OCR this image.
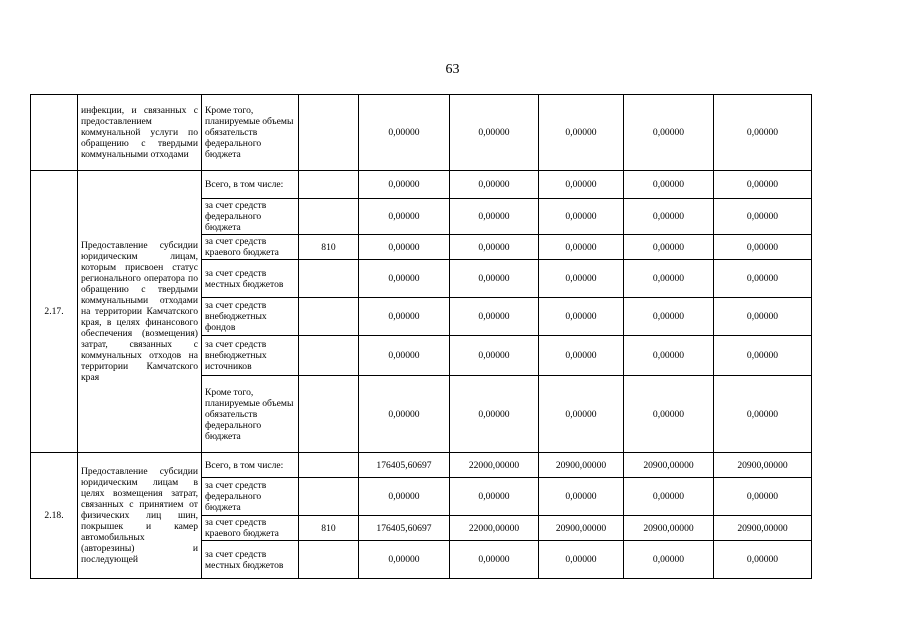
63
	инфекции, и связанных с предоставлением коммунальной услуги по обращению с твердыми коммунальными отходами	Кроме того, планируемые объемы обязательств федерального бюджета		0,00000	0,00000	0,00000	0,00000	0,00000
2.17.	Предоставление субсидии юридическим лицам, которым присвоен статус регионального оператора по обращению с твердыми коммунальными отходами на территории Камчатского края, в целях финансового обеспечения (возмещения) затрат, связанных с коммунальных отходов на территории Камчатского края	Всего, в том числе:		0,00000	0,00000	0,00000	0,00000	0,00000
		за счет средств федерального бюджета		0,00000	0,00000	0,00000	0,00000	0,00000
		за счет средств краевого бюджета	810	0,00000	0,00000	0,00000	0,00000	0,00000
		за счет средств местных бюджетов		0,00000	0,00000	0,00000	0,00000	0,00000
		за счет средств внебюджетных фондов		0,00000	0,00000	0,00000	0,00000	0,00000
		за счет средств внебюджетных источников		0,00000	0,00000	0,00000	0,00000	0,00000
		Кроме того, планируемые объемы обязательств федерального бюджета		0,00000	0,00000	0,00000	0,00000	0,00000
2.18.	Предоставление субсидии юридическим лицам в целях возмещения затрат, связанных с принятием от физических лиц шин, покрышек и камер автомобильных (авторезины) и последующей	Всего, в том числе:		176405,60697	22000,00000	20900,00000	20900,00000	20900,00000
		за счет средств федерального бюджета		0,00000	0,00000	0,00000	0,00000	0,00000
		за счет средств краевого бюджета	810	176405,60697	22000,00000	20900,00000	20900,00000	20900,00000
		за счет средств местных бюджетов		0,00000	0,00000	0,00000	0,00000	0,00000
